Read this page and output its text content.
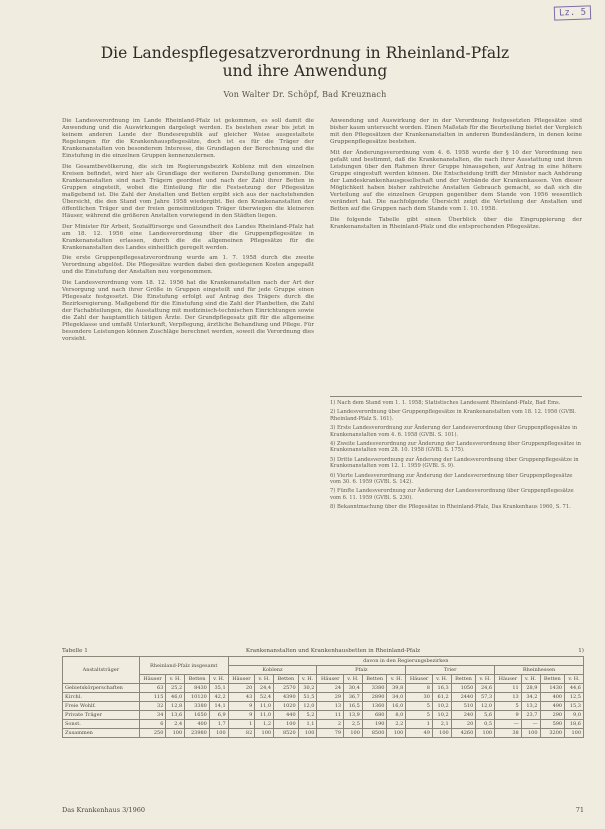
Lz. 5
Die Landespflegesatzverordnung in Rheinland-Pfalz
und ihre Anwendung
Von Walter Dr. Schöpf, Bad Kreuznach

Die Landesverordnung im Lande Rheinland-Pfalz ist gekommen, es soll damit die Anwendung und die Auswirkungen dargelegt werden. Es bestehen zwar bis jetzt in keinem anderen Lande der Bundesrepublik auf gleicher Weise ausgestaltete Regelungen für die Krankenhauspflegesätze, doch ist es für die Träger der Krankenanstalten von besonderem Interesse, die Grundlagen der Berechnung und die Einstufung in die einzelnen Gruppen kennenzulernen.

Die Gesamtbevölkerung, die sich im Regierungsbezirk Koblenz mit den einzelnen Kreisen befindet, wird hier als Grundlage der weiteren Darstellung genommen. Die Krankenanstalten sind nach Trägern geordnet und nach der Zahl ihrer Betten in Gruppen eingeteilt, wobei die Einteilung für die Festsetzung der Pflegesätze maßgebend ist. Die Zahl der Anstalten und Betten ergibt sich aus der nachstehenden Übersicht, die den Stand vom Jahre 1958 wiedergibt. Bei den Krankenanstalten der öffentlichen Träger und der freien gemeinnützigen Träger überwiegen die kleineren Häuser, während die größeren Anstalten vorwiegend in den Städten liegen.

Der Minister für Arbeit, Sozialfürsorge und Gesundheit des Landes Rheinland-Pfalz hat am 18. 12. 1956 eine Landesverordnung über die Gruppenpflegesätze in Krankenanstalten erlassen, durch die die allgemeinen Pflegesätze für die Krankenanstalten des Landes einheitlich geregelt werden.

Die erste Gruppenpflegesatzverordnung wurde am 1. 7. 1958 durch die zweite Verordnung abgelöst. Die Pflegesätze wurden dabei den gestiegenen Kosten angepaßt und die Einstufung der Anstalten neu vorgenommen.

Die Landesverordnung vom 18. 12. 1956 hat die Krankenanstalten nach der Art der Versorgung und nach ihrer Größe in Gruppen eingeteilt und für jede Gruppe einen Pflegesatz festgesetzt. Die Einstufung erfolgt auf Antrag des Trägers durch die Bezirksregierung. Maßgebend für die Einstufung sind die Zahl der Planbetten, die Zahl der Fachabteilungen, die Ausstattung mit medizinisch-technischen Einrichtungen sowie die Zahl der hauptamtlich tätigen Ärzte. Der Grundpflegesatz gilt für die allgemeine Pflegeklasse und umfaßt Unterkunft, Verpflegung, ärztliche Behandlung und Pflege. Für besondere Leistungen können Zuschläge berechnet werden, soweit die Verordnung dies vorsieht.

Anwendung und Auswirkung der in der Verordnung festgesetzten Pflegesätze sind bisher kaum untersucht worden. Einen Maßstab für die Beurteilung bietet der Vergleich mit den Pflegesätzen der Krankenanstalten in anderen Bundesländern, in denen keine Gruppenpflegesätze bestehen.

Mit der Änderungsverordnung vom 4. 6. 1958 wurde der § 10 der Verordnung neu gefaßt und bestimmt, daß die Krankenanstalten, die nach ihrer Ausstattung und ihren Leistungen über den Rahmen ihrer Gruppe hinausgehen, auf Antrag in eine höhere Gruppe eingestuft werden können. Die Entscheidung trifft der Minister nach Anhörung der Landeskrankenhausgesellschaft und der Verbände der Krankenkassen. Von dieser Möglichkeit haben bisher zahlreiche Anstalten Gebrauch gemacht, so daß sich die Verteilung auf die einzelnen Gruppen gegenüber dem Stande von 1956 wesentlich verändert hat. Die nachfolgende Übersicht zeigt die Verteilung der Anstalten und Betten auf die Gruppen nach dem Stande vom 1. 10. 1958.

Die folgende Tabelle gibt einen Überblick über die Eingruppierung der Krankenanstalten in Rheinland-Pfalz und die entsprechenden Pflegesätze.

1) Nach dem Stand vom 1. 1. 1958; Statistisches Landesamt Rheinland-Pfalz, Bad Ems.
2) Landesverordnung über Gruppenpflegesätze in Krankenanstalten vom 18. 12. 1956 (GVBl. Rheinland-Pfalz S. 161).
3) Erste Landesverordnung zur Änderung der Landesverordnung über Gruppenpflegesätze in Krankenanstalten vom 4. 6. 1958 (GVBl. S. 101).
4) Zweite Landesverordnung zur Änderung der Landesverordnung über Gruppenpflegesätze in Krankenanstalten vom 28. 10. 1958 (GVBl. S. 175).
5) Dritte Landesverordnung zur Änderung der Landesverordnung über Gruppenpflegesätze in Krankenanstalten vom 12. 1. 1959 (GVBl. S. 9).
6) Vierte Landesverordnung zur Änderung der Landesverordnung über Gruppenpflegesätze vom 30. 6. 1959 (GVBl. S. 142).
7) Fünfte Landesverordnung zur Änderung der Landesverordnung über Gruppenpflegesätze vom 6. 11. 1959 (GVBl. S. 230).
8) Bekanntmachung über die Pflegesätze in Rheinland-Pfalz, Das Krankenhaus 1960, S. 71.
Tabelle 1	Krankenanstalten und Krankenhausbetten in Rheinland-Pfalz	1)
Anstaltsträger	Rheinland-Pfalz insgesamt				davon in den Regierungsbezirken															
					Koblenz				Pfalz				Trier				Rheinhessen			
	Häuser	v. H.	Betten	v. H.	Häuser	v. H.	Betten	v. H.	Häuser	v. H.	Betten	v. H.	Häuser	v. H.	Betten	v. H.	Häuser	v. H.	Betten	v. H.
Gebietskörperschaften	63	25,2	8430	35,1	20	24,4	2570	30,2	24	30,4	3380	39,8	8	16,3	1050	24,6	11	28,9	1430	44,6
Kirchl.	115	46,0	10120	42,2	43	52,4	4390	51,5	29	36,7	2890	34,0	30	61,2	2440	57,3	13	34,2	400	12,5
Freie Wohlf.	32	12,8	3380	14,1	9	11,0	1020	12,0	13	16,5	1360	16,0	5	10,2	510	12,0	5	13,2	490	15,3
Private Träger	34	13,6	1650	6,9	9	11,0	440	5,2	11	13,9	680	8,0	5	10,2	240	5,6	9	23,7	290	9,0
Sonst.	6	2,4	400	1,7	1	1,2	100	1,1	2	2,5	190	2,2	1	2,1	20	0,5	—	—	590	18,6
Zusammen	250	100	23980	100	82	100	8520	100	79	100	8500	100	49	100	4260	100	38	100	3200	100
Das Krankenhaus 3/1960	71
